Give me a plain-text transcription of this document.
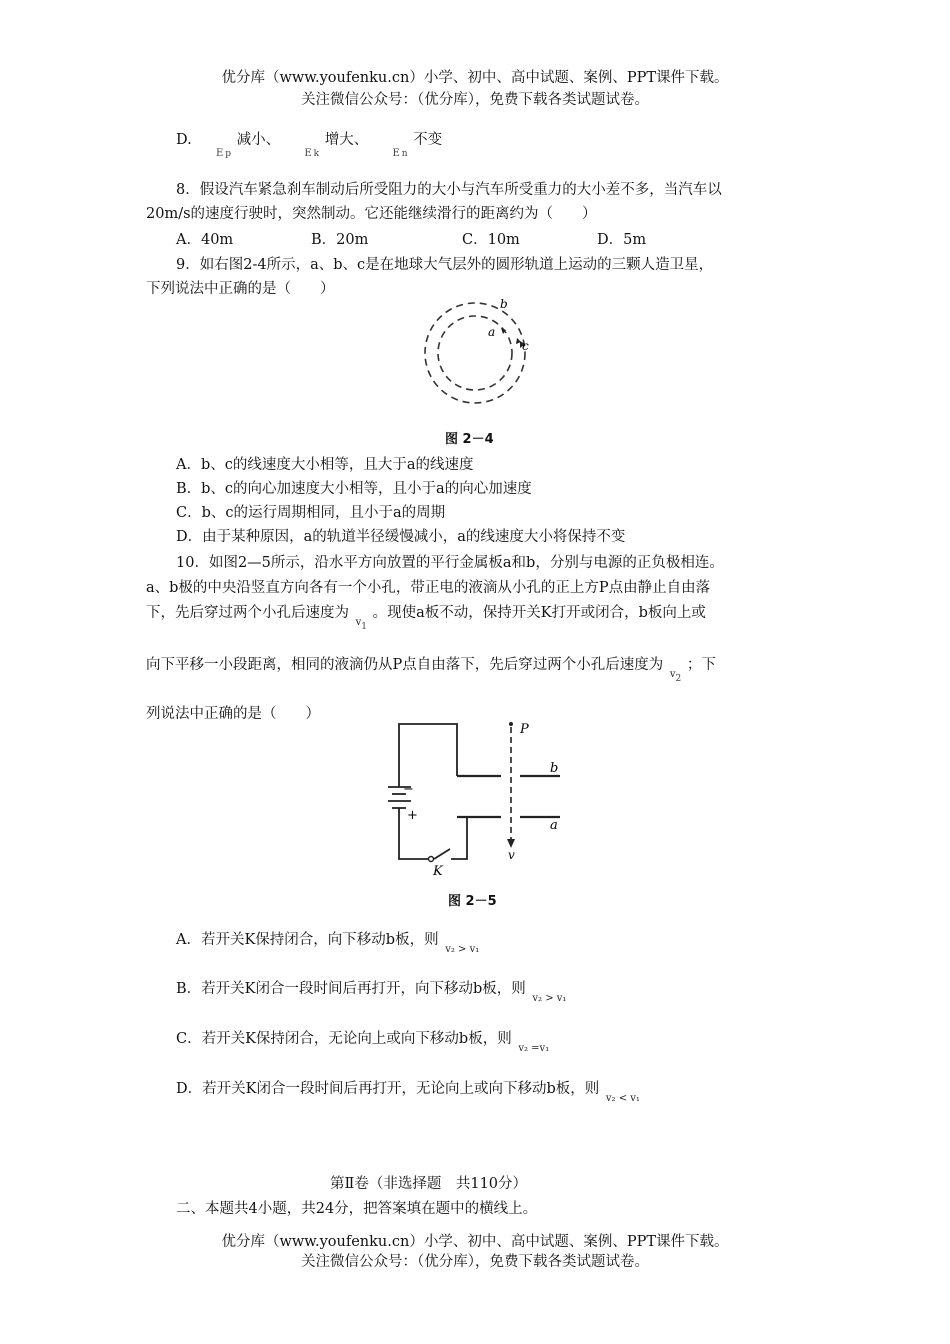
优分库（www.youfenku.cn）小学、初中、高中试题、案例、PPT课件下载。
关注微信公众号：（优分库），免费下载各类试题试卷。
D.  $_E$ $_p$ 减小、  $_E$ $_k$ 增大、  $_E$ $_n$ 不变
8．假设汽车紧急刹车制动后所受阻力的大小与汽车所受重力的大小差不多，当汽车以
20m/s的速度行驶时，突然制动。它还能继续滑行的距离约为（　　）
A．40m	B．20m	C．10m	D．5m
9．如右图2-4所示，a、b、c是在地球大气层外的圆形轨道上运动的三颗人造卫星，
下列说法中正确的是（　　）
b
a
c
图 2－4
A．b、c的线速度大小相等，且大于a的线速度
B．b、c的向心加速度大小相等，且小于a的向心加速度
C．b、c的运行周期相同，且小于a的周期
D．由于某种原因，a的轨道半径缓慢减小，a的线速度大小将保持不变
10．如图2—5所示，沿水平方向放置的平行金属板a和b，分别与电源的正负极相连。
a、b极的中央沿竖直方向各有一个小孔，带正电的液滴从小孔的正上方P点由静止自由落
下，先后穿过两个小孔后速度为 $_{v1}$ 。现使a板不动，保持开关K打开或闭合，b板向上或
向下平移一小段距离，相同的液滴仍从P点自由落下，先后穿过两个小孔后速度为 $_{v2}$ ；下
列说法中正确的是（　　）
P
b
a
v
K
−
+
图 2－5
A．若开关K保持闭合，向下移动b板，则 $_{v_2 > v_1}$
B．若开关K闭合一段时间后再打开，向下移动b板，则 $_{v_2 > v_1}$
C．若开关K保持闭合，无论向上或向下移动b板，则 $_{v_2 =v_1}$
D．若开关K闭合一段时间后再打开，无论向上或向下移动b板，则 $_{v_2 < v_1}$
第Ⅱ卷（非选择题　共110分）
二、本题共4小题，共24分，把答案填在题中的横线上。
优分库（www.youfenku.cn）小学、初中、高中试题、案例、PPT课件下载。
关注微信公众号：（优分库），免费下载各类试题试卷。
